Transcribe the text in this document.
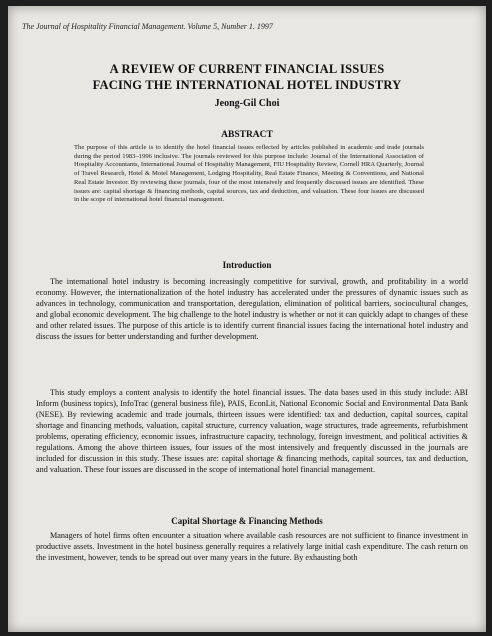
The Journal of Hospitality Financial Management. Volume 5, Number 1. 1997
A REVIEW OF CURRENT FINANCIAL ISSUES
FACING THE INTERNATIONAL HOTEL INDUSTRY
Jeong-Gil Choi
ABSTRACT
The purpose of this article is to identify the hotel financial issues reflected by articles published in academic and trade journals during the period 1983–1996 inclusive. The journals reviewed for this purpose include: Journal of the International Association of Hospitality Accountants, International Journal of Hospitality Management, FIU Hospitality Review, Cornell HRA Quarterly, Journal of Travel Research, Hotel & Motel Management, Lodging Hospitality, Real Estate Finance, Meeting & Conventions, and National Real Estate Investor. By reviewing these journals, four of the most intensively and frequently discussed issues are identified. These issues are: capital shortage & financing methods, capital sources, tax and deduction, and valuation. These four issues are discussed in the scope of international hotel financial management.
Introduction
The international hotel industry is becoming increasingly competitive for survival, growth, and profitability in a world economy. However, the internationalization of the hotel industry has accelerated under the pressures of dynamic issues such as advances in technology, communication and transportation, deregulation, elimination of political barriers, sociocultural changes, and global economic development. The big challenge to the hotel industry is whether or not it can quickly adapt to changes of these and other related issues. The purpose of this article is to identify current financial issues facing the international hotel industry and discuss the issues for better understanding and further development.
This study employs a content analysis to identify the hotel financial issues. The data bases used in this study include: ABI Inform (business topics), InfoTrac (general business file), PAIS, EconLit, National Economic Social and Environmental Data Bank (NESE). By reviewing academic and trade journals, thirteen issues were identified: tax and deduction, capital sources, capital shortage and financing methods, valuation, capital structure, currency valuation, wage structures, trade agreements, refurbishment problems, operating efficiency, economic issues, infrastructure capacity, technology, foreign investment, and political activities & regulations. Among the above thirteen issues, four issues of the most intensively and frequently discussed in the journals are included for discussion in this study. These issues are: capital shortage & financing methods, capital sources, tax and deduction, and valuation. These four issues are discussed in the scope of international hotel financial management.
Capital Shortage & Financing Methods
Managers of hotel firms often encounter a situation where available cash resources are not sufficient to finance investment in productive assets. Investment in the hotel business generally requires a relatively large initial cash expenditure. The cash return on the investment, however, tends to be spread out over many years in the future. By exhausting both
